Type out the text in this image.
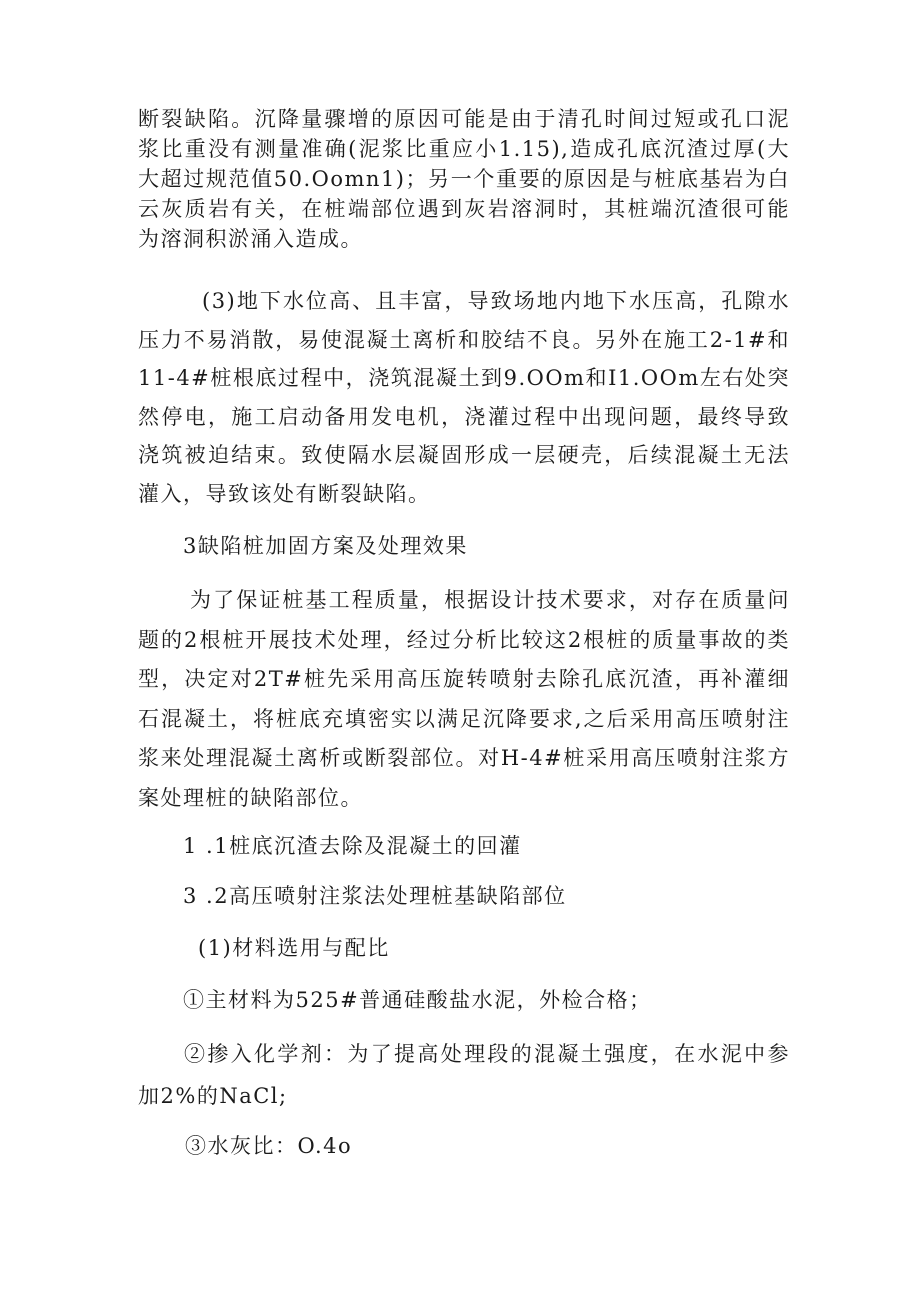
断裂缺陷。沉降量骤增的原因可能是由于清孔时间过短或孔口泥浆比重没有测量准确(泥浆比重应小1.15),造成孔底沉渣过厚(大大超过规范值50.Oomn1)；另一个重要的原因是与桩底基岩为白云灰质岩有关，在桩端部位遇到灰岩溶洞时，其桩端沉渣很可能为溶洞积淤涌入造成。

(3)地下水位高、且丰富，导致场地内地下水压高，孔隙水压力不易消散，易使混凝土离析和胶结不良。另外在施工2-1#和11-4#桩根底过程中，浇筑混凝土到9.OOm和I1.OOm左右处突然停电，施工启动备用发电机，浇灌过程中出现问题，最终导致浇筑被迫结束。致使隔水层凝固形成一层硬壳，后续混凝土无法灌入，导致该处有断裂缺陷。

3缺陷桩加固方案及处理效果

为了保证桩基工程质量，根据设计技术要求，对存在质量问题的2根桩开展技术处理，经过分析比较这2根桩的质量事故的类型，决定对2T#桩先采用高压旋转喷射去除孔底沉渣，再补灌细石混凝土，将桩底充填密实以满足沉降要求,之后采用高压喷射注浆来处理混凝土离析或断裂部位。对H-4#桩采用高压喷射注浆方案处理桩的缺陷部位。

1 .1桩底沉渣去除及混凝土的回灌

3 .2高压喷射注浆法处理桩基缺陷部位

(1)材料选用与配比

①主材料为525#普通硅酸盐水泥，外检合格；

②掺入化学剂：为了提高处理段的混凝土强度，在水泥中参加2%的NaCl;

③水灰比：O.4o
